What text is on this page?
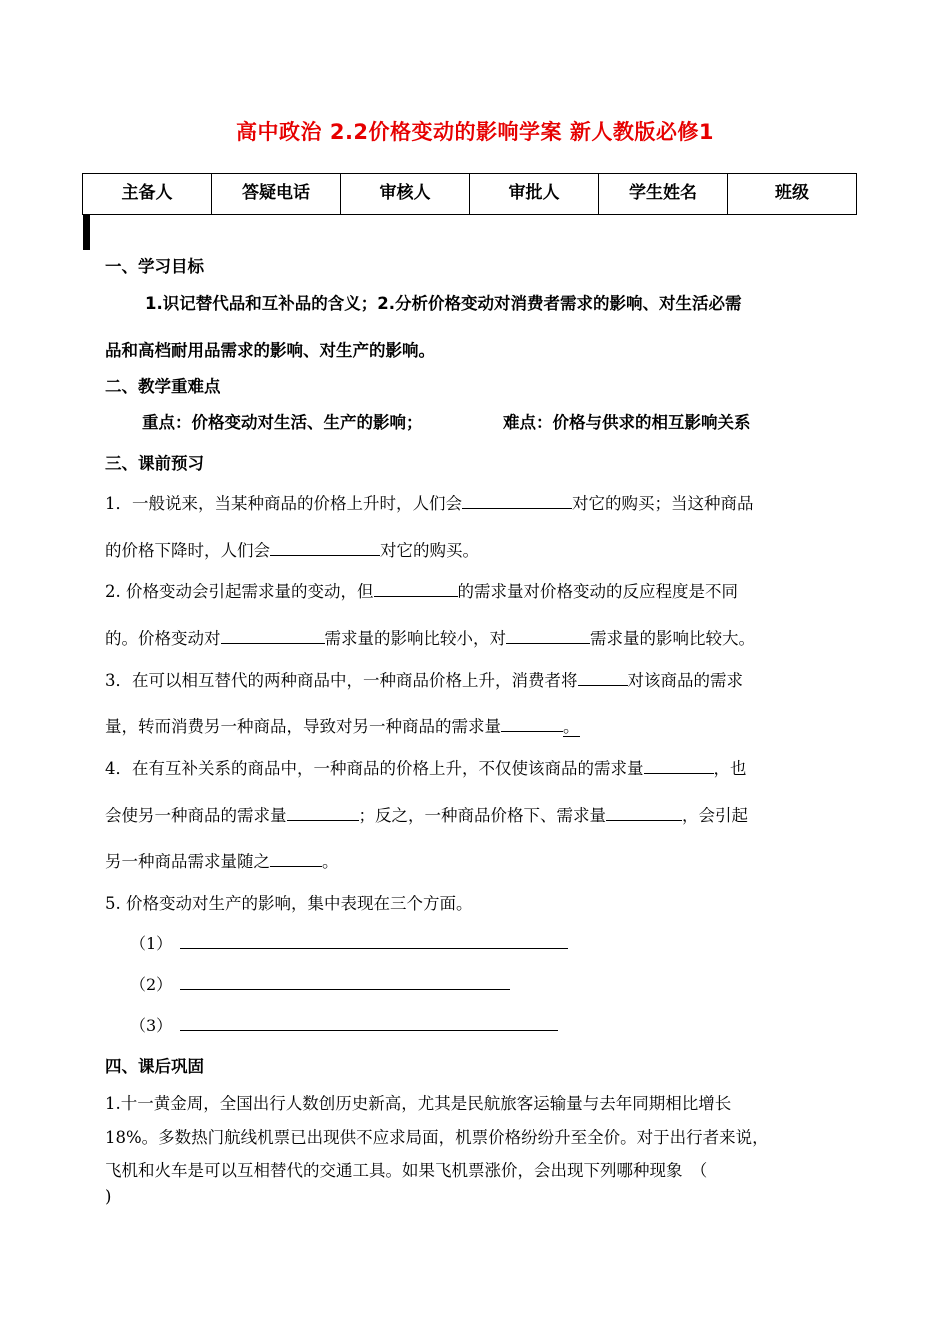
高中政治 2.2价格变动的影响学案 新人教版必修1
主备人	答疑电话	审核人	审批人	学生姓名	班级

一、学习目标
1.识记替代品和互补品的含义；2.分析价格变动对消费者需求的影响、对生活必需
品和高档耐用品需求的影响、对生产的影响。
二、教学重难点
重点：价格变动对生活、生产的影响；	难点：价格与供求的相互影响关系
三、课前预习
1．一般说来，当某种商品的价格上升时，人们会	对它的购买；当这种商品
的价格下降时，人们会	对它的购买。
2. 价格变动会引起需求量的变动，但	的需求量对价格变动的反应程度是不同
的。价格变动对	需求量的影响比较小，对	需求量的影响比较大。
3．在可以相互替代的两种商品中，一种商品价格上升，消费者将	对该商品的需求
量，转而消费另一种商品，导致对另一种商品的需求量	。
4．在有互补关系的商品中，一种商品的价格上升，不仅使该商品的需求量	，也
会使另一种商品的需求量	；反之，一种商品价格下、需求量	，会引起
另一种商品需求量随之	。
5. 价格变动对生产的影响，集中表现在三个方面。
（1）
（2）
（3）
四、课后巩固
1.十一黄金周，全国出行人数创历史新高，尤其是民航旅客运输量与去年同期相比增长
18%。多数热门航线机票已出现供不应求局面，机票价格纷纷升至全价。对于出行者来说，
飞机和火车是可以互相替代的交通工具。如果飞机票涨价，会出现下列哪种现象　（
)
